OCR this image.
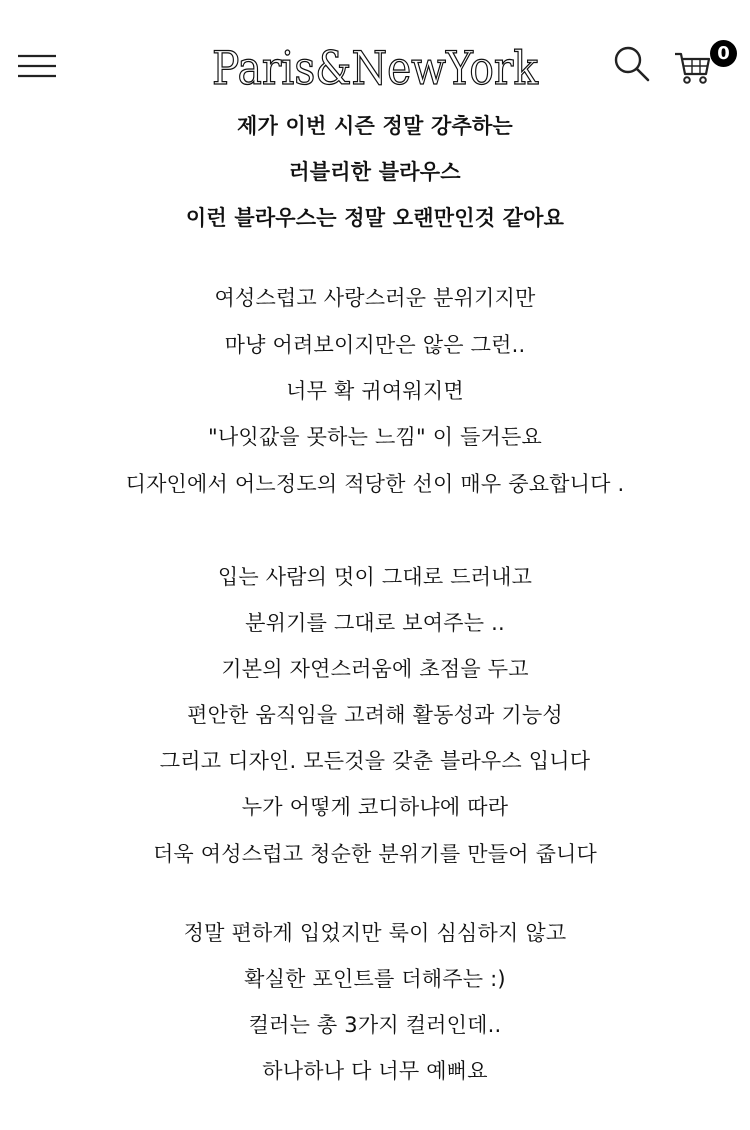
Paris&NewYork	0
제가 이번 시즌 정말 강추하는
러블리한 블라우스
이런 블라우스는 정말 오랜만인것 같아요
여성스럽고 사랑스러운 분위기지만
마냥 어려보이지만은 않은 그런..
너무 확 귀여워지면
"나잇값을 못하는 느낌" 이 들거든요
디자인에서 어느정도의 적당한 선이 매우 중요합니다 .
입는 사람의 멋이 그대로 드러내고
분위기를 그대로 보여주는 ..
기본의 자연스러움에 초점을 두고
편안한 움직임을 고려해 활동성과 기능성
그리고 디자인. 모든것을 갖춘 블라우스 입니다
누가 어떻게 코디하냐에 따라
더욱 여성스럽고 청순한 분위기를 만들어 줍니다
정말 편하게 입었지만 룩이 심심하지 않고
확실한 포인트를 더해주는 :)
컬러는 총 3가지 컬러인데..
하나하나 다 너무 예뻐요
